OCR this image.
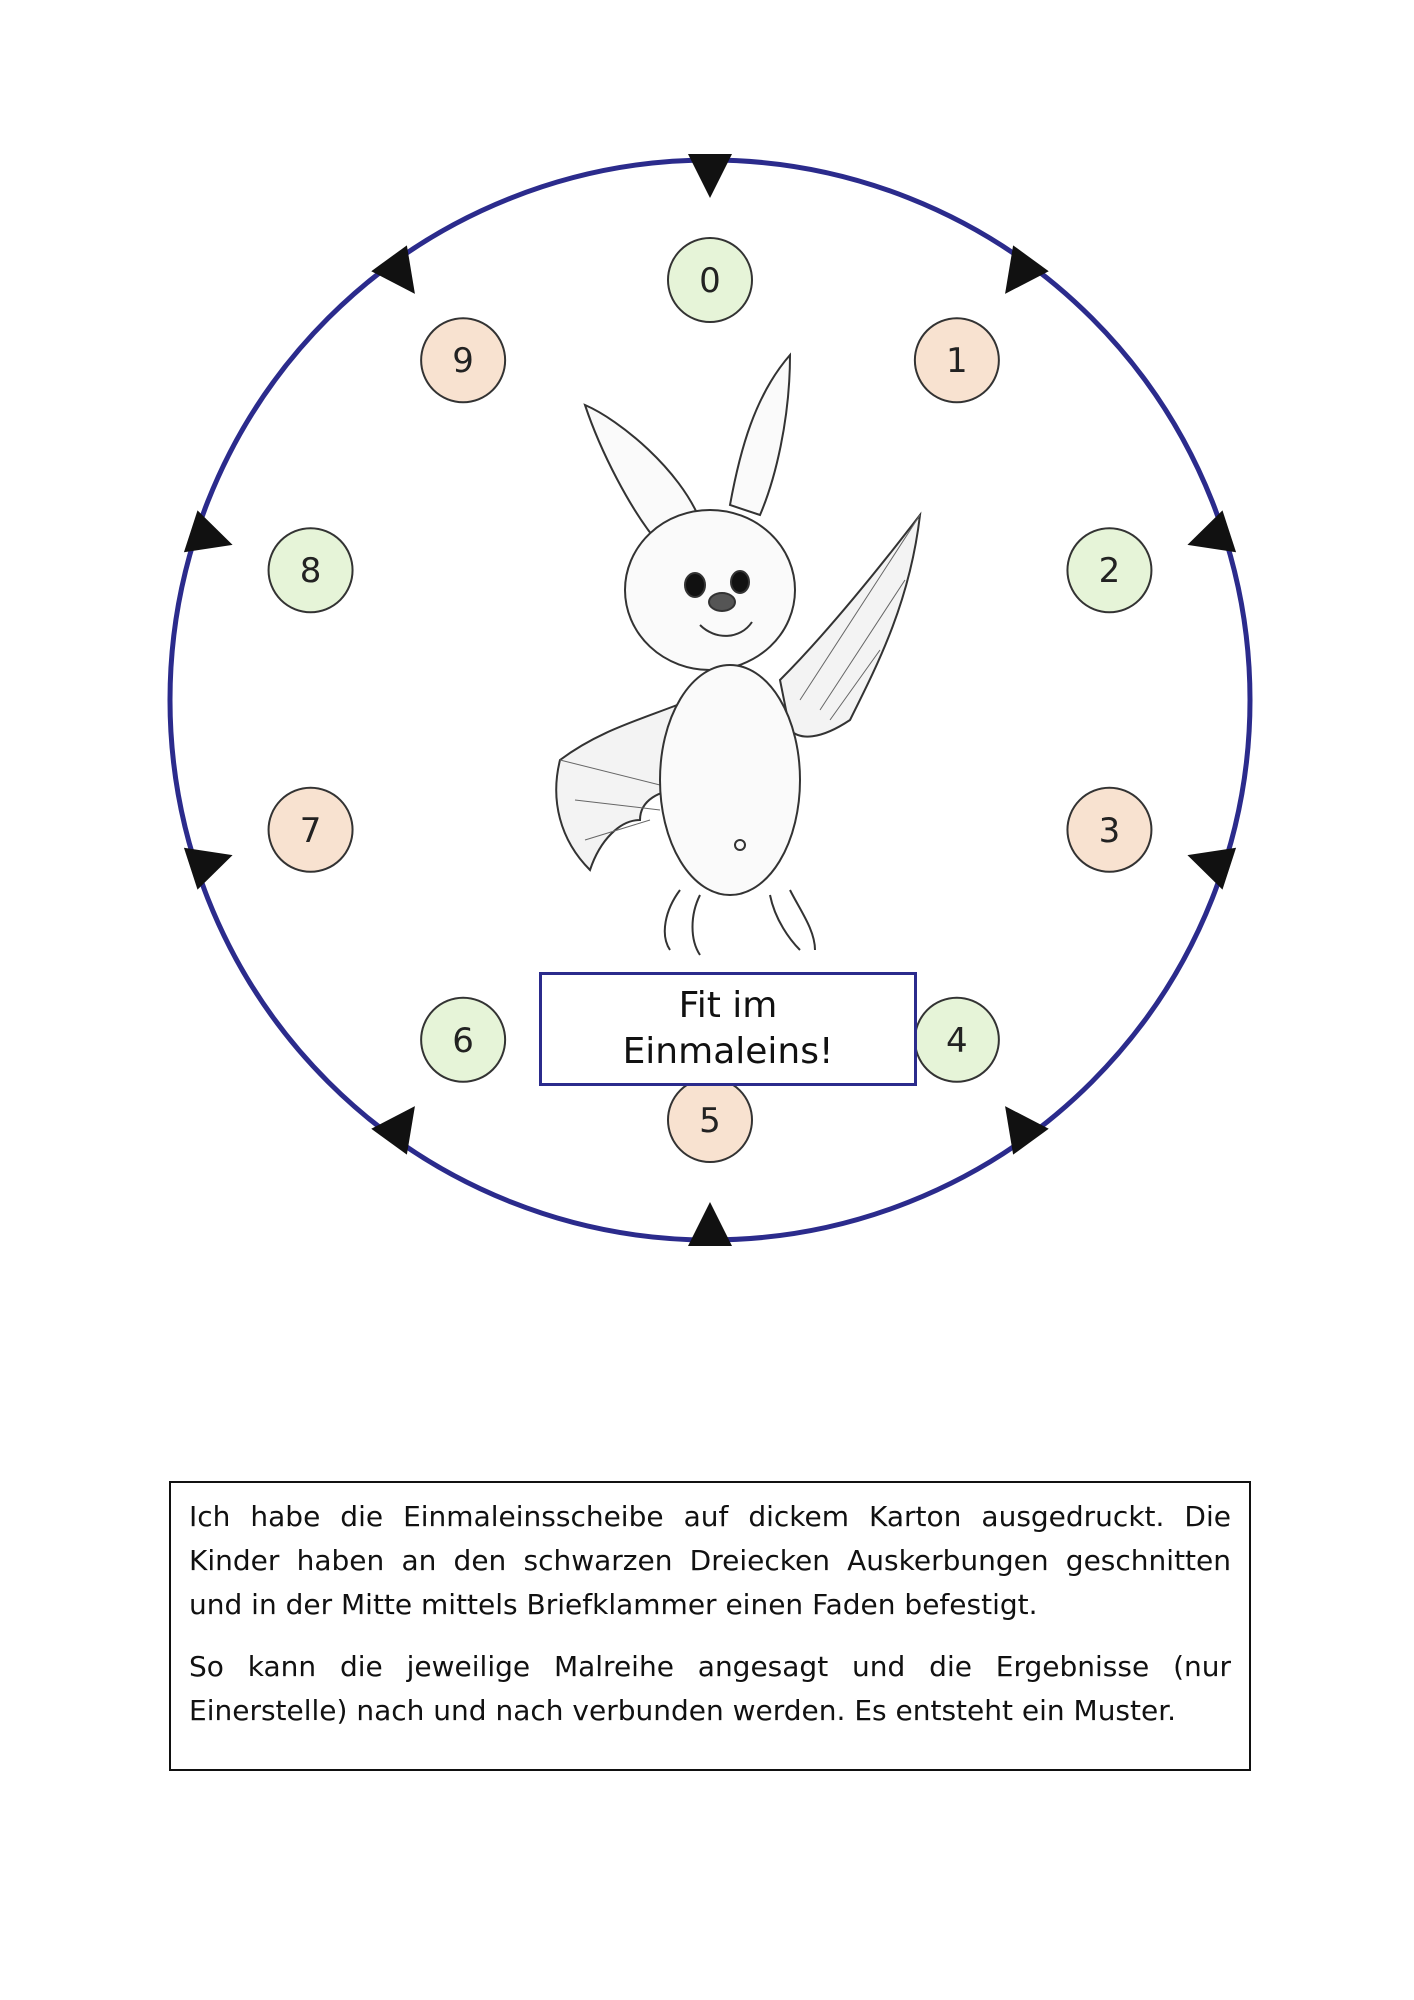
0
1
2
3
4
5
6
7
8
9
Fit im
Einmaleins!

Ich habe die Einmaleinsscheibe auf dickem Karton ausgedruckt. Die Kinder haben an den schwarzen Dreiecken Auskerbungen geschnitten und in der Mitte mittels Briefklammer einen Faden befestigt.

So kann die jeweilige Malreihe angesagt und die Ergebnisse (nur Einerstelle) nach und nach verbunden werden. Es entsteht ein Muster.
